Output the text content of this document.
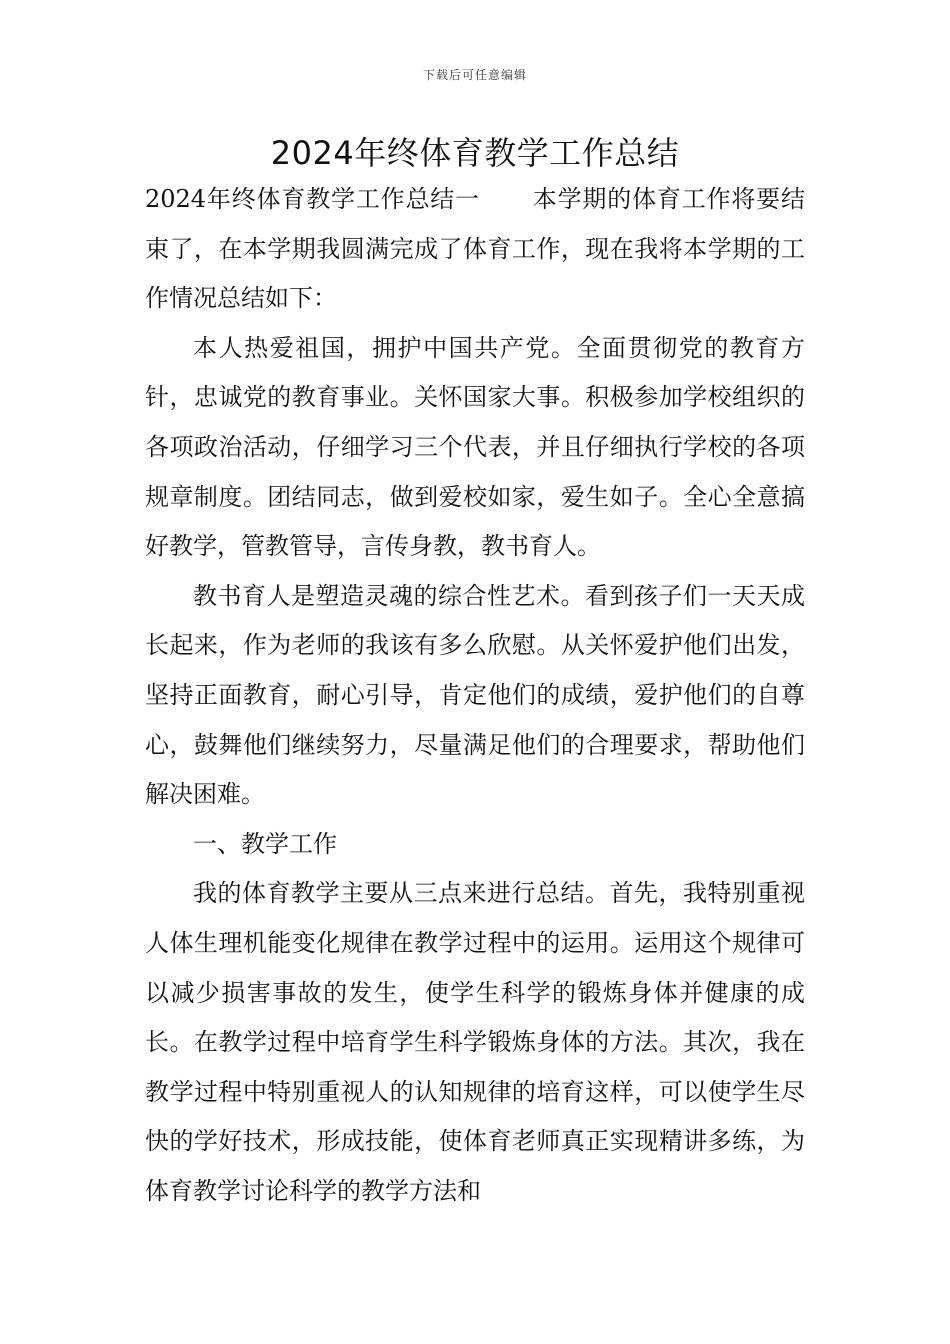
下载后可任意编辑
2024年终体育教学工作总结

2024年终体育教学工作总结一 本学期的体育工作将要结束了，在本学期我圆满完成了体育工作，现在我将本学期的工作情况总结如下：

本人热爱祖国，拥护中国共产党。全面贯彻党的教育方针，忠诚党的教育事业。关怀国家大事。积极参加学校组织的各项政治活动，仔细学习三个代表，并且仔细执行学校的各项规章制度。团结同志，做到爱校如家，爱生如子。全心全意搞好教学，管教管导，言传身教，教书育人。

教书育人是塑造灵魂的综合性艺术。看到孩子们一天天成长起来，作为老师的我该有多么欣慰。从关怀爱护他们出发，坚持正面教育，耐心引导，肯定他们的成绩，爱护他们的自尊心，鼓舞他们继续努力，尽量满足他们的合理要求，帮助他们解决困难。

一、教学工作

我的体育教学主要从三点来进行总结。首先，我特别重视人体生理机能变化规律在教学过程中的运用。运用这个规律可以减少损害事故的发生，使学生科学的锻炼身体并健康的成长。在教学过程中培育学生科学锻炼身体的方法。其次，我在教学过程中特别重视人的认知规律的培育这样，可以使学生尽快的学好技术，形成技能，使体育老师真正实现精讲多练，为体育教学讨论科学的教学方法和
